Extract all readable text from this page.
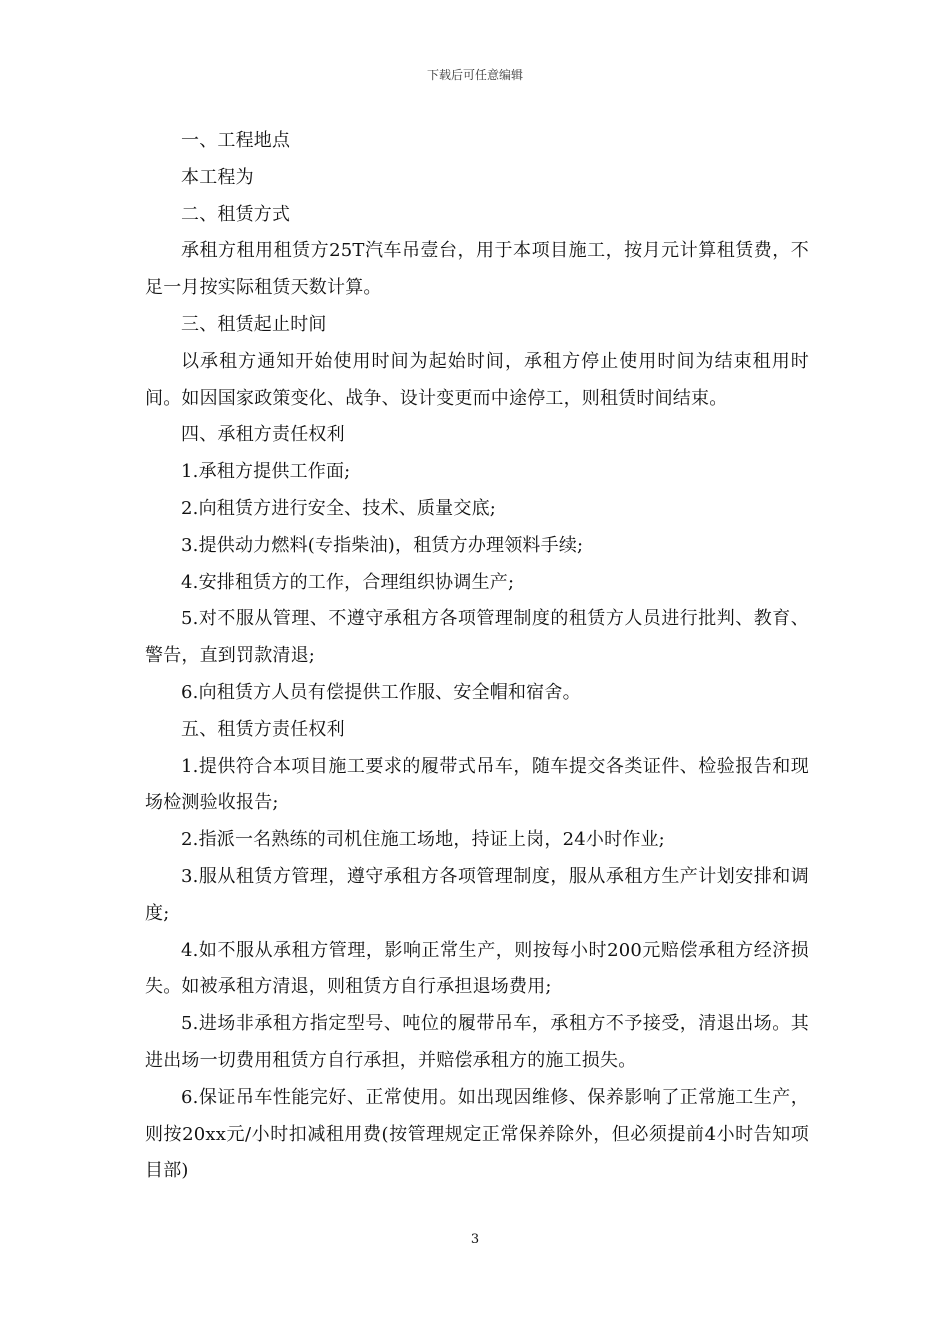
下载后可任意编辑

一、工程地点

本工程为

二、租赁方式

承租方租用租赁方25T汽车吊壹台，用于本项目施工，按月元计算租赁费，不足一月按实际租赁天数计算。

三、租赁起止时间

以承租方通知开始使用时间为起始时间，承租方停止使用时间为结束租用时间。如因国家政策变化、战争、设计变更而中途停工，则租赁时间结束。

四、承租方责任权利

1.承租方提供工作面;

2.向租赁方进行安全、技术、质量交底;

3.提供动力燃料(专指柴油)，租赁方办理领料手续;

4.安排租赁方的工作，合理组织协调生产;

5.对不服从管理、不遵守承租方各项管理制度的租赁方人员进行批判、教育、警告，直到罚款清退;

6.向租赁方人员有偿提供工作服、安全帽和宿舍。

五、租赁方责任权利

1.提供符合本项目施工要求的履带式吊车，随车提交各类证件、检验报告和现场检测验收报告;

2.指派一名熟练的司机住施工场地，持证上岗，24小时作业;

3.服从租赁方管理，遵守承租方各项管理制度，服从承租方生产计划安排和调度;

4.如不服从承租方管理，影响正常生产，则按每小时200元赔偿承租方经济损失。如被承租方清退，则租赁方自行承担退场费用;

5.进场非承租方指定型号、吨位的履带吊车，承租方不予接受，清退出场。其进出场一切费用租赁方自行承担，并赔偿承租方的施工损失。

6.保证吊车性能完好、正常使用。如出现因维修、保养影响了正常施工生产，则按20xx元/小时扣减租用费(按管理规定正常保养除外，但必须提前4小时告知项目部)

3
